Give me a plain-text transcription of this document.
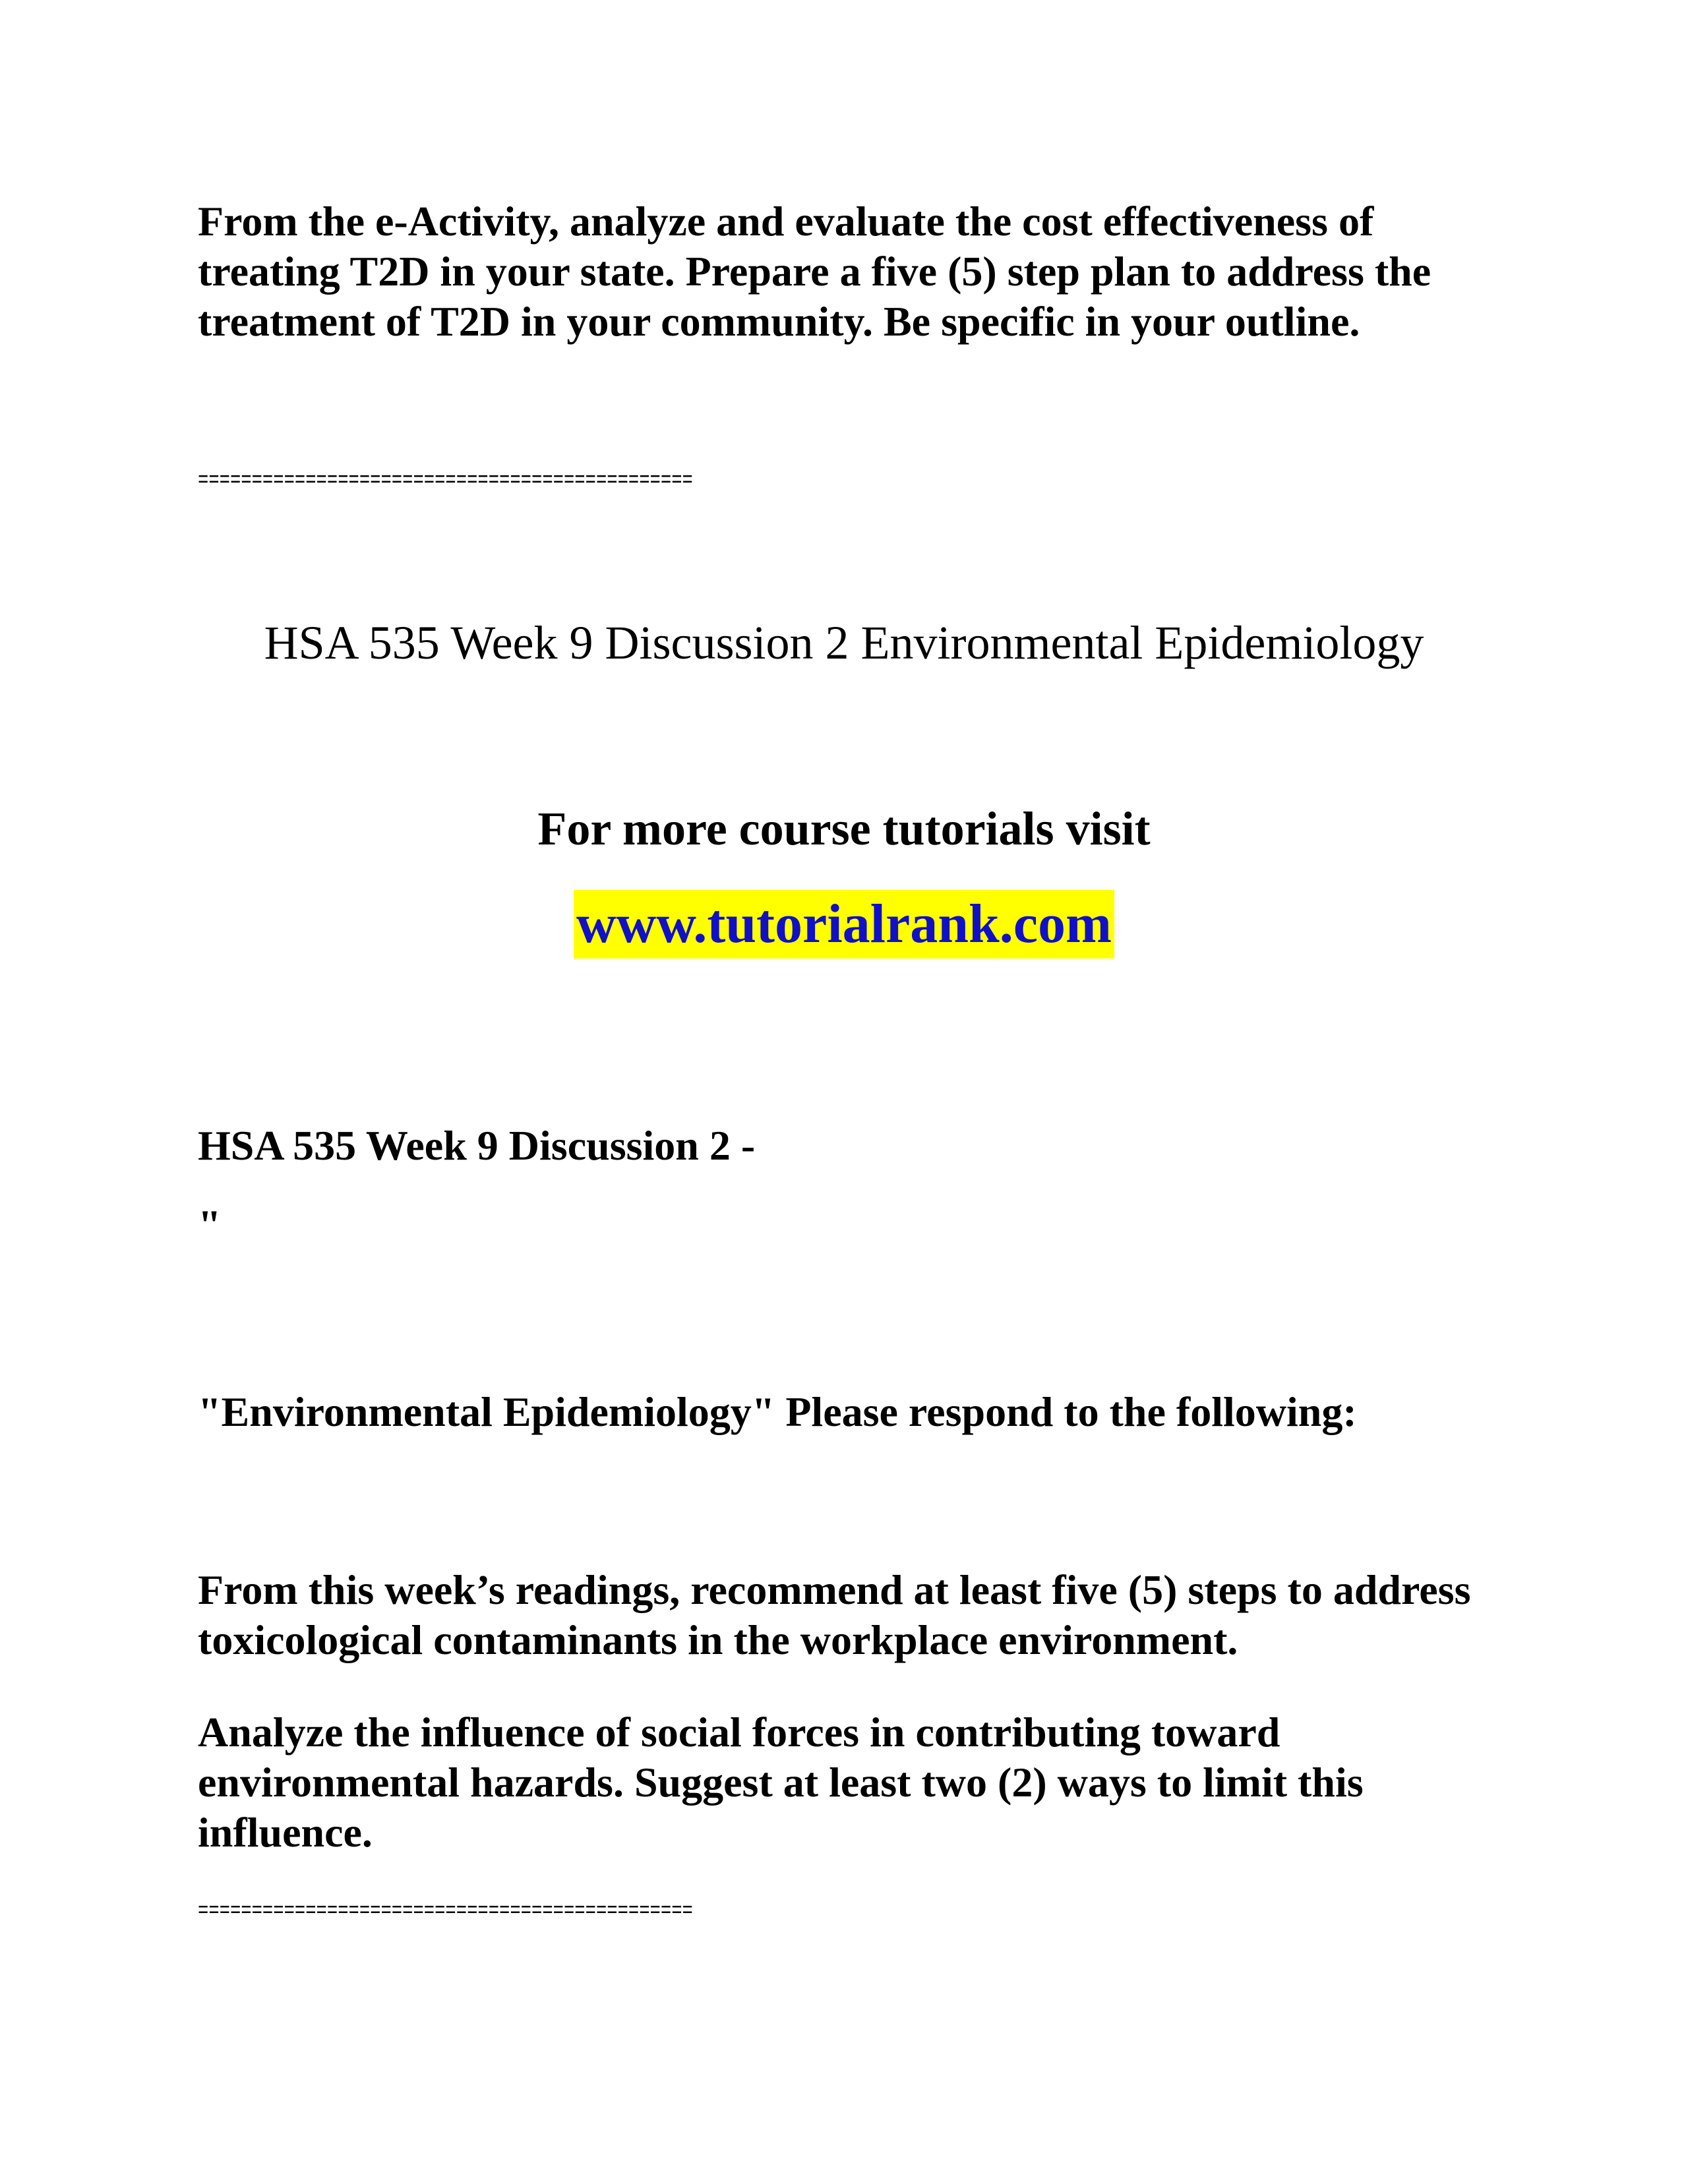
From the e-Activity, analyze and evaluate the cost effectiveness of treating T2D in your state. Prepare a five (5) step plan to address the treatment of T2D in your community. Be specific in your outline.

==============================================

HSA 535 Week 9 Discussion 2 Environmental Epidemiology

For more course tutorials visit

www.tutorialrank.com

HSA 535 Week 9 Discussion 2 -

"

"Environmental Epidemiology" Please respond to the following:

From this week’s readings, recommend at least five (5) steps to address toxicological contaminants in the workplace environment.

Analyze the influence of social forces in contributing toward environmental hazards. Suggest at least two (2) ways to limit this influence.

==============================================
